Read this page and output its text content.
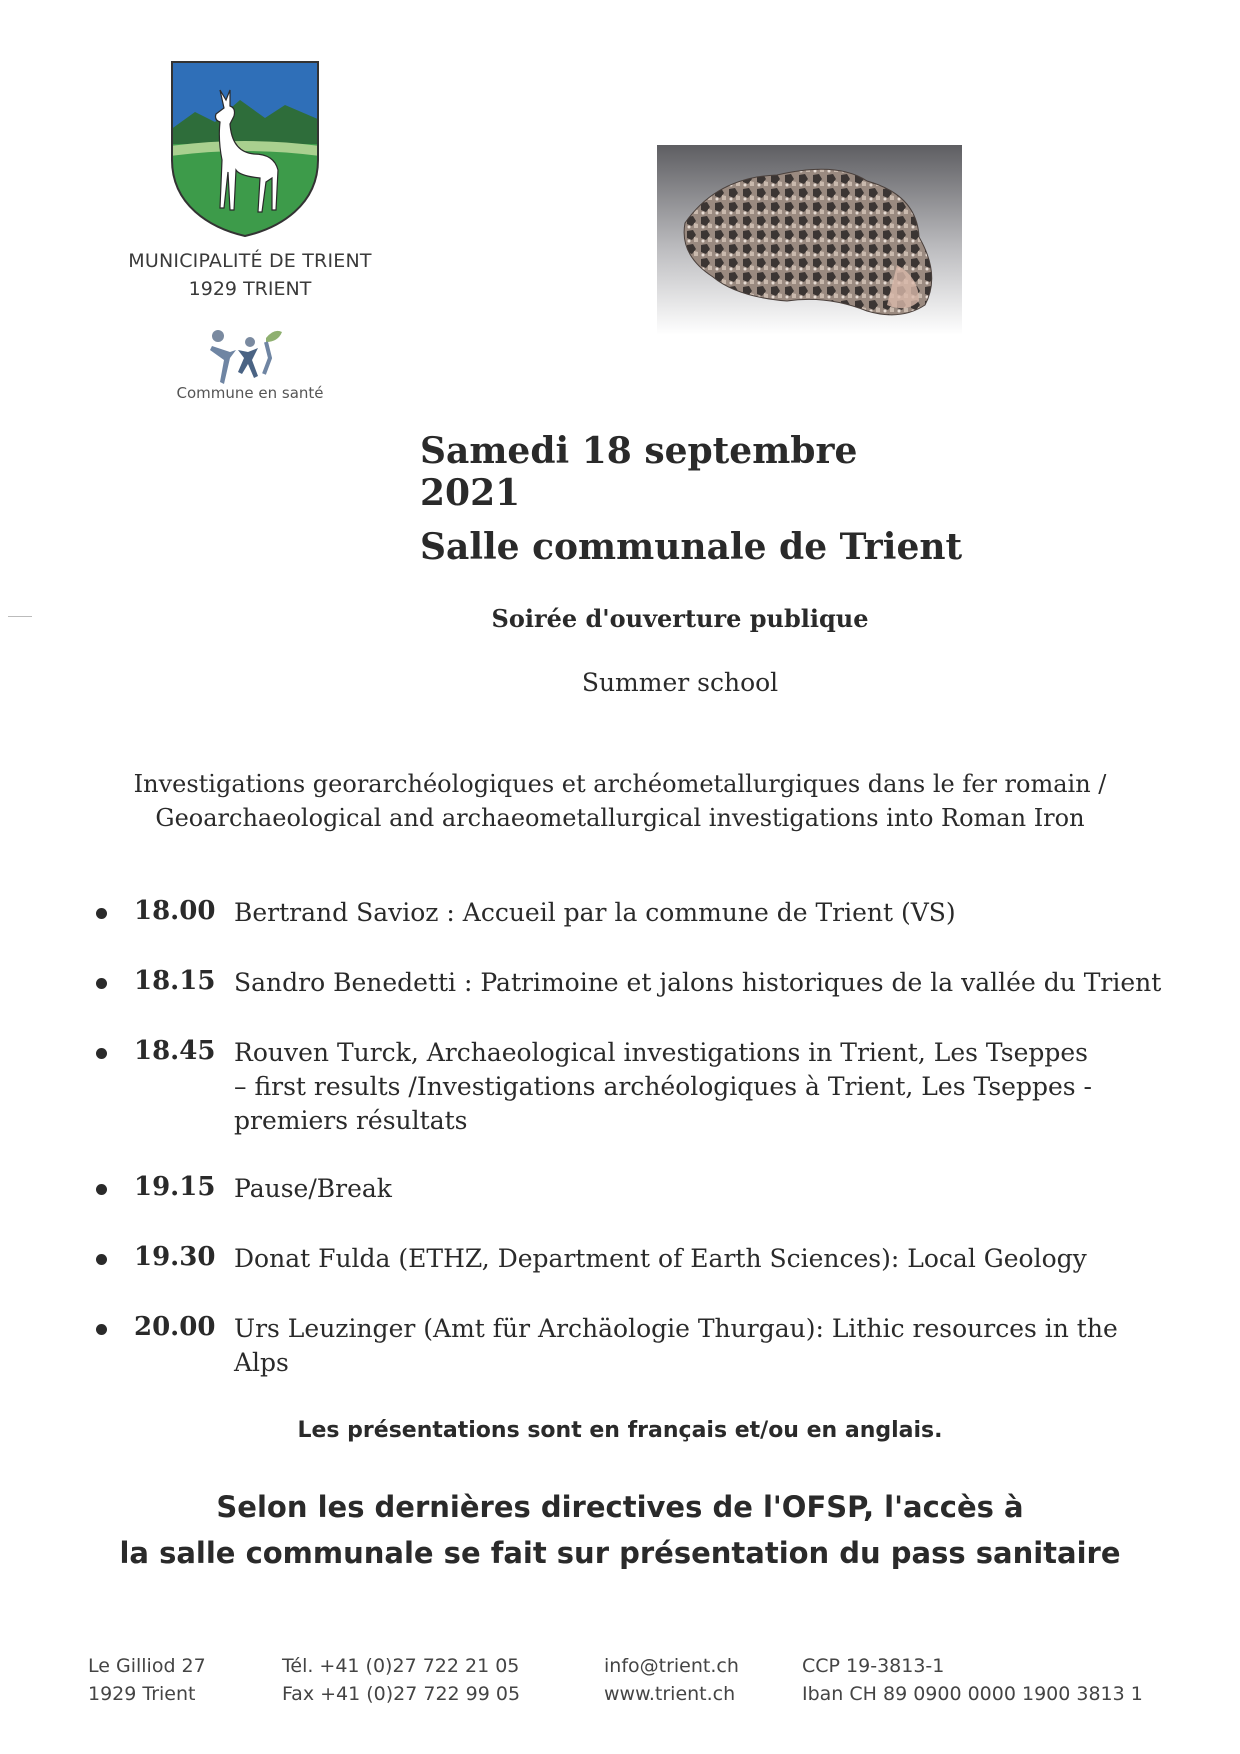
MUNICIPALITÉ DE TRIENT
1929 TRIENT
Commune en santé
Samedi 18 septembre 2021
Salle communale de Trient
Soirée d'ouverture publique
Summer school
Investigations georarchéologiques et archéometallurgiques dans le fer romain /
Geoarchaeological and archaeometallurgical investigations into Roman Iron
18.00 Bertrand Savioz : Accueil par la commune de Trient (VS)
18.15 Sandro Benedetti : Patrimoine et jalons historiques de la vallée du Trient
18.45 Rouven Turck, Archaeological investigations in Trient, Les Tseppes – first results /Investigations archéologiques à Trient, Les Tseppes - premiers résultats
19.15 Pause/Break
19.30 Donat Fulda (ETHZ, Department of Earth Sciences): Local Geology
20.00 Urs Leuzinger (Amt für Archäologie Thurgau): Lithic resources in the Alps
Les présentations sont en français et/ou en anglais.
Selon les dernières directives de l'OFSP, l'accès à
la salle communale se fait sur présentation du pass sanitaire
Le Gilliod 27
1929 Trient
Tél. +41 (0)27 722 21 05
Fax +41 (0)27 722 99 05
info@trient.ch
www.trient.ch
CCP 19-3813-1
Iban CH 89 0900 0000 1900 3813 1
